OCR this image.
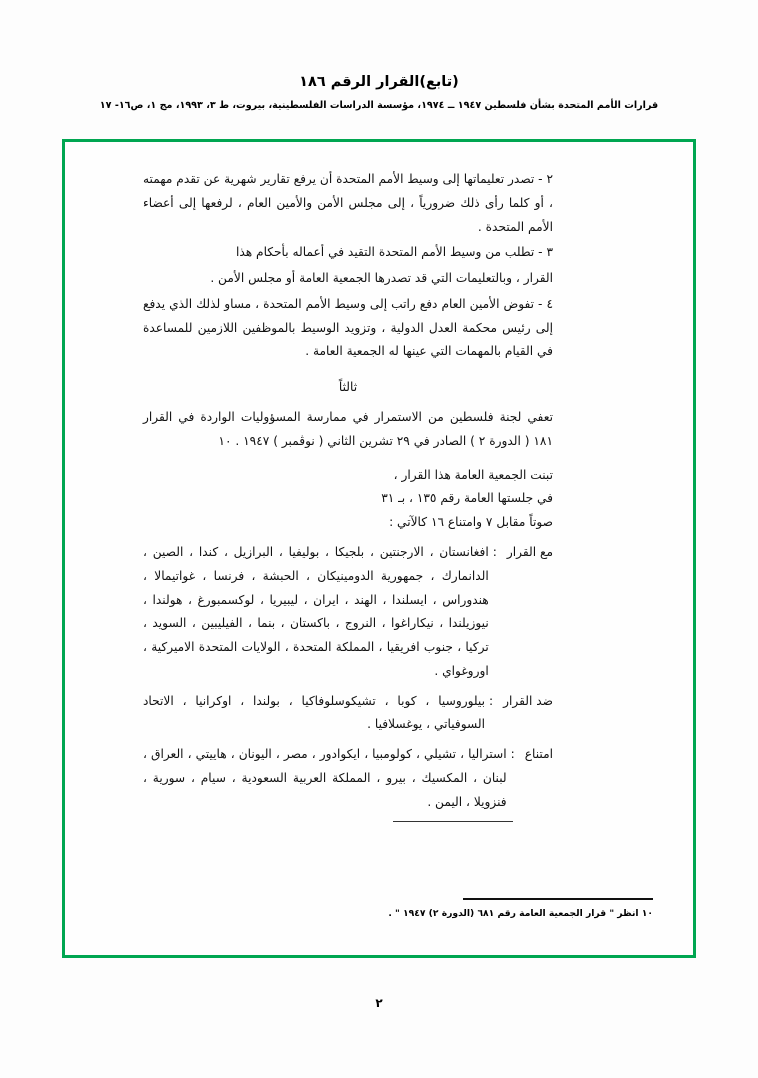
(تابع)القرار الرقم ١٨٦
قرارات الأمم المتحدة بشأن فلسطين ١٩٤٧ ــ ١٩٧٤، مؤسسة الدراسات الفلسطينية، بيروت، ط ٣، ١٩٩٣، مج ١، ص١٦- ١٧

٢ - تصدر تعليماتها إلى وسيط الأمم المتحدة أن يرفع تقارير شهرية عن تقدم مهمته ، أو كلما رأى ذلك ضرورياً ، إلى مجلس الأمن والأمين العام ، لرفعها إلى أعضاء الأمم المتحدة .

٣ - تطلب من وسيط الأمم المتحدة التقيد في أعماله بأحكام هذا

القرار ، وبالتعليمات التي قد تصدرها الجمعية العامة أو مجلس الأمن .

٤ - تفوض الأمين العام دفع راتب إلى وسيط الأمم المتحدة ، مساو لذلك الذي يدفع إلى رئيس محكمة العدل الدولية ، وتزويد الوسيط بالموظفين اللازمين للمساعدة في القيام بالمهمات التي عينها له الجمعية العامة .

ثالثاً

تعفي لجنة فلسطين من الاستمرار في ممارسة المسؤوليات الواردة في القرار ١٨١ ( الدورة ٢ ) الصادر في ٢٩ تشرين الثاني ( نوڤمبر ) ١٩٤٧ . ١٠

تبنت الجمعية العامة هذا القرار ،

في جلستها العامة رقم ١٣٥ ، بـ ٣١

صوتاً مقابل ٧ وامتناع ١٦ كالآتي :

مع القرار
:
افغانستان ، الارجنتين ، بلجيكا ، بوليفيا ، البرازيل ، كندا ، الصين ، الدانمارك ، جمهورية الدومينيكان ، الحبشة ، فرنسا ، غواتيمالا ، هندوراس ، ايسلندا ، الهند ، ايران ، ليبيريا ، لوكسمبورغ ، هولندا ، نيوزيلندا ، نيكاراغوا ، النروج ، باكستان ، بنما ، الفيليبين ، السويد ، تركيا ، جنوب افريقيا ، المملكة المتحدة ، الولايات المتحدة الاميركية ، اوروغواي .
ضد القرار
:
بيلوروسيا ، كوبا ، تشيكوسلوفاكيا ، بولندا ، اوكرانيا ، الاتحاد السوفياتي ، يوغسلافيا .
امتناع
:
استراليا ، تشيلي ، كولومبيا ، ايكوادور ، مصر ، اليونان ، هاييتي ، العراق ، لبنان ، المكسيك ، بيرو ، المملكة العربية السعودية ، سيام ، سورية ، فنزويلا ، اليمن .
١٠ انظر " قرار الجمعية العامة رقم ٦٨١ (الدورة ٢) ١٩٤٧ " .
٢
